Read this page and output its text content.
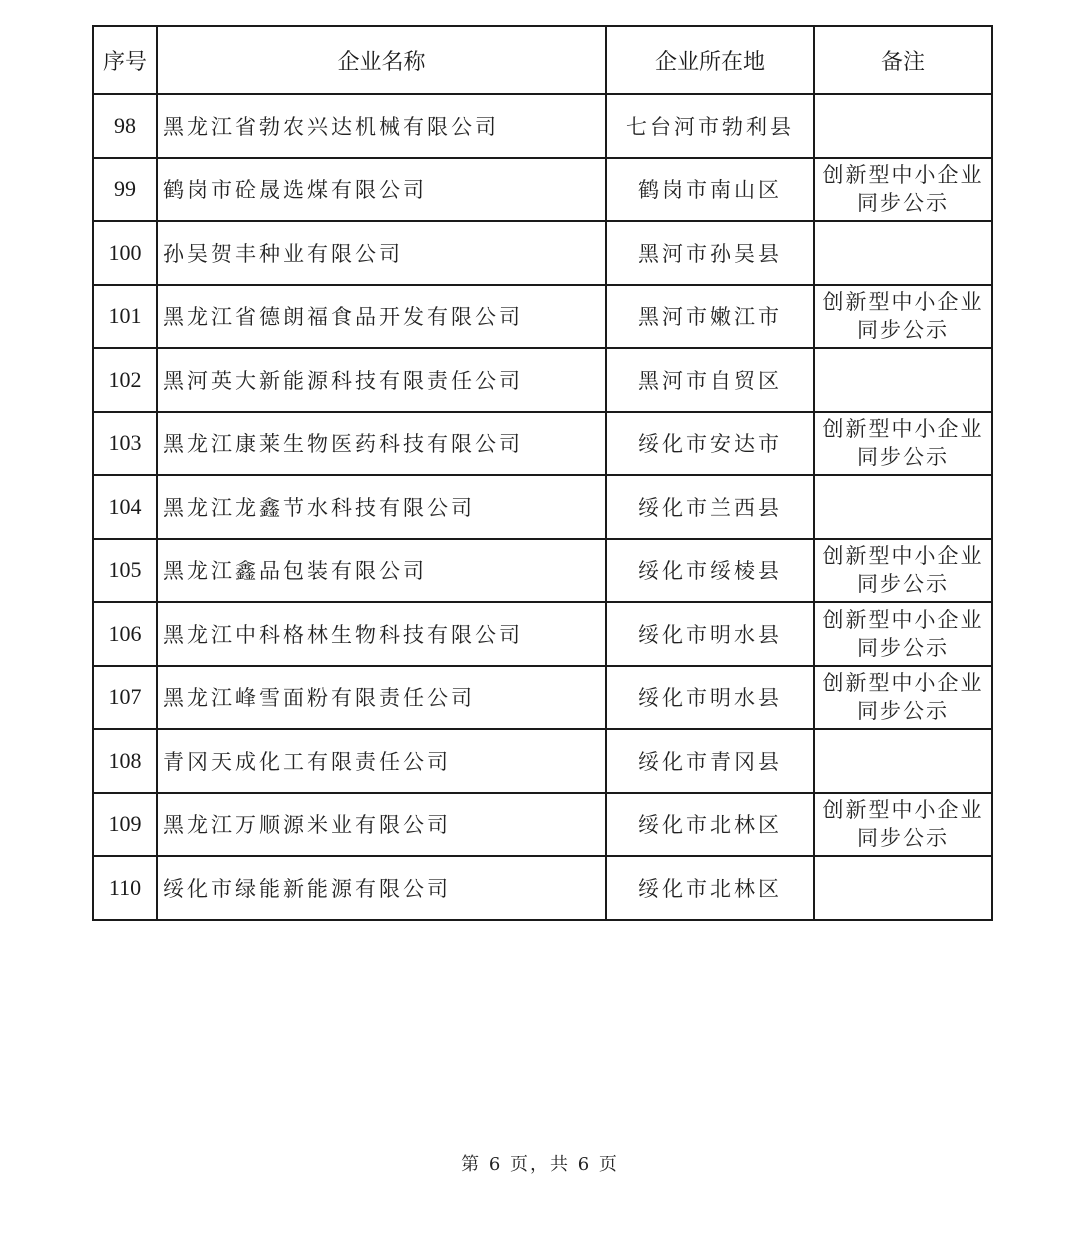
序号	企业名称	企业所在地	备注
98	黑龙江省勃农兴达机械有限公司	七台河市勃利县	

99	鹤岗市砼晟选煤有限公司	鹤岗市南山区	创新型中小企业
同步公示

100	孙吴贺丰种业有限公司	黑河市孙吴县	

101	黑龙江省德朗福食品开发有限公司	黑河市嫩江市	创新型中小企业
同步公示

102	黑河英大新能源科技有限责任公司	黑河市自贸区	

103	黑龙江康莱生物医药科技有限公司	绥化市安达市	创新型中小企业
同步公示

104	黑龙江龙鑫节水科技有限公司	绥化市兰西县	

105	黑龙江鑫品包装有限公司	绥化市绥棱县	创新型中小企业
同步公示

106	黑龙江中科格林生物科技有限公司	绥化市明水县	创新型中小企业
同步公示

107	黑龙江峰雪面粉有限责任公司	绥化市明水县	创新型中小企业
同步公示

108	青冈天成化工有限责任公司	绥化市青冈县	

109	黑龙江万顺源米业有限公司	绥化市北林区	创新型中小企业
同步公示

110	绥化市绿能新能源有限公司	绥化市北林区	
第 6 页，共 6 页
